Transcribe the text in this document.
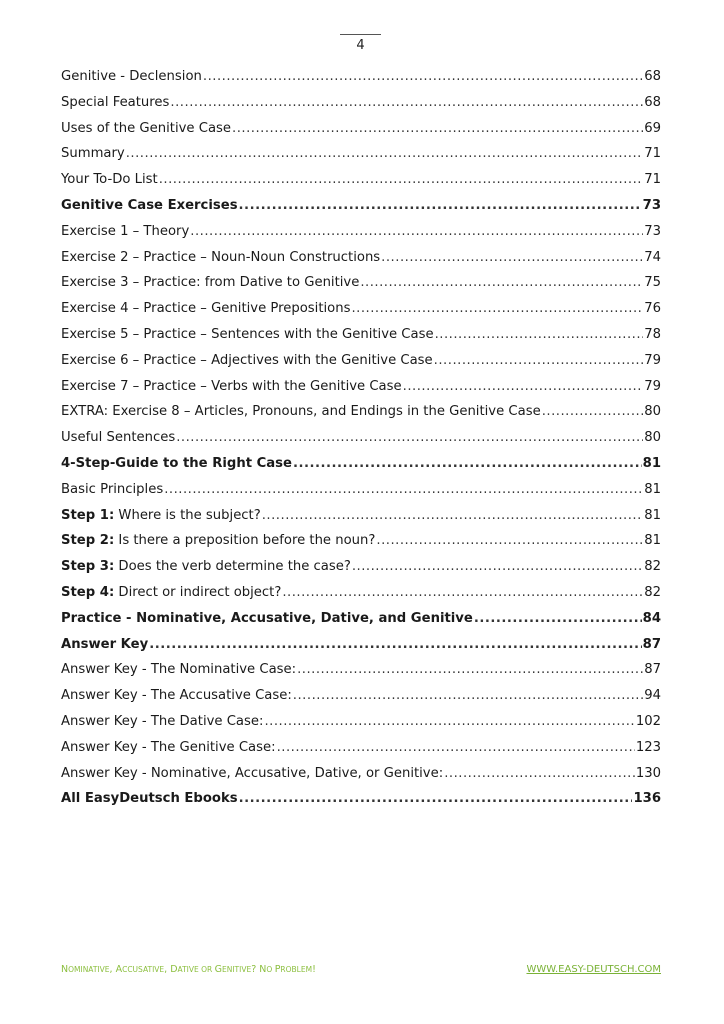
4
Genitive - Declension .....	68
Special Features .....	68
Uses of the Genitive Case .....	69
Summary .....	71
Your To-Do List .....	71
Genitive Case Exercises .....	73
Exercise 1 – Theory .....	73
Exercise 2 – Practice – Noun-Noun Constructions .....	74
Exercise 3 – Practice: from Dative to Genitive .....	75
Exercise 4 – Practice – Genitive Prepositions .....	76
Exercise 5 – Practice – Sentences with the Genitive Case .....	78
Exercise 6 – Practice – Adjectives with the Genitive Case .....	79
Exercise 7 – Practice – Verbs with the Genitive Case .....	79
EXTRA: Exercise 8 – Articles, Pronouns, and Endings in the Genitive Case .....	80
Useful Sentences .....	80
4-Step-Guide to the Right Case .....	81
Basic Principles .....	81
Step 1: Where is the subject? .....	81
Step 2: Is there a preposition before the noun? .....	81
Step 3: Does the verb determine the case? .....	82
Step 4: Direct or indirect object? .....	82
Practice - Nominative, Accusative, Dative, and Genitive .....	84
Answer Key .....	87
Answer Key - The Nominative Case: .....	87
Answer Key - The Accusative Case: .....	94
Answer Key - The Dative Case: .....	102
Answer Key - The Genitive Case: .....	123
Answer Key - Nominative, Accusative, Dative, or Genitive: .....	130
All EasyDeutsch Ebooks .....	136
NOMINATIVE, ACCUSATIVE, DATIVE OR GENITIVE? NO PROBLEM!	WWW.EASY-DEUTSCH.COM
